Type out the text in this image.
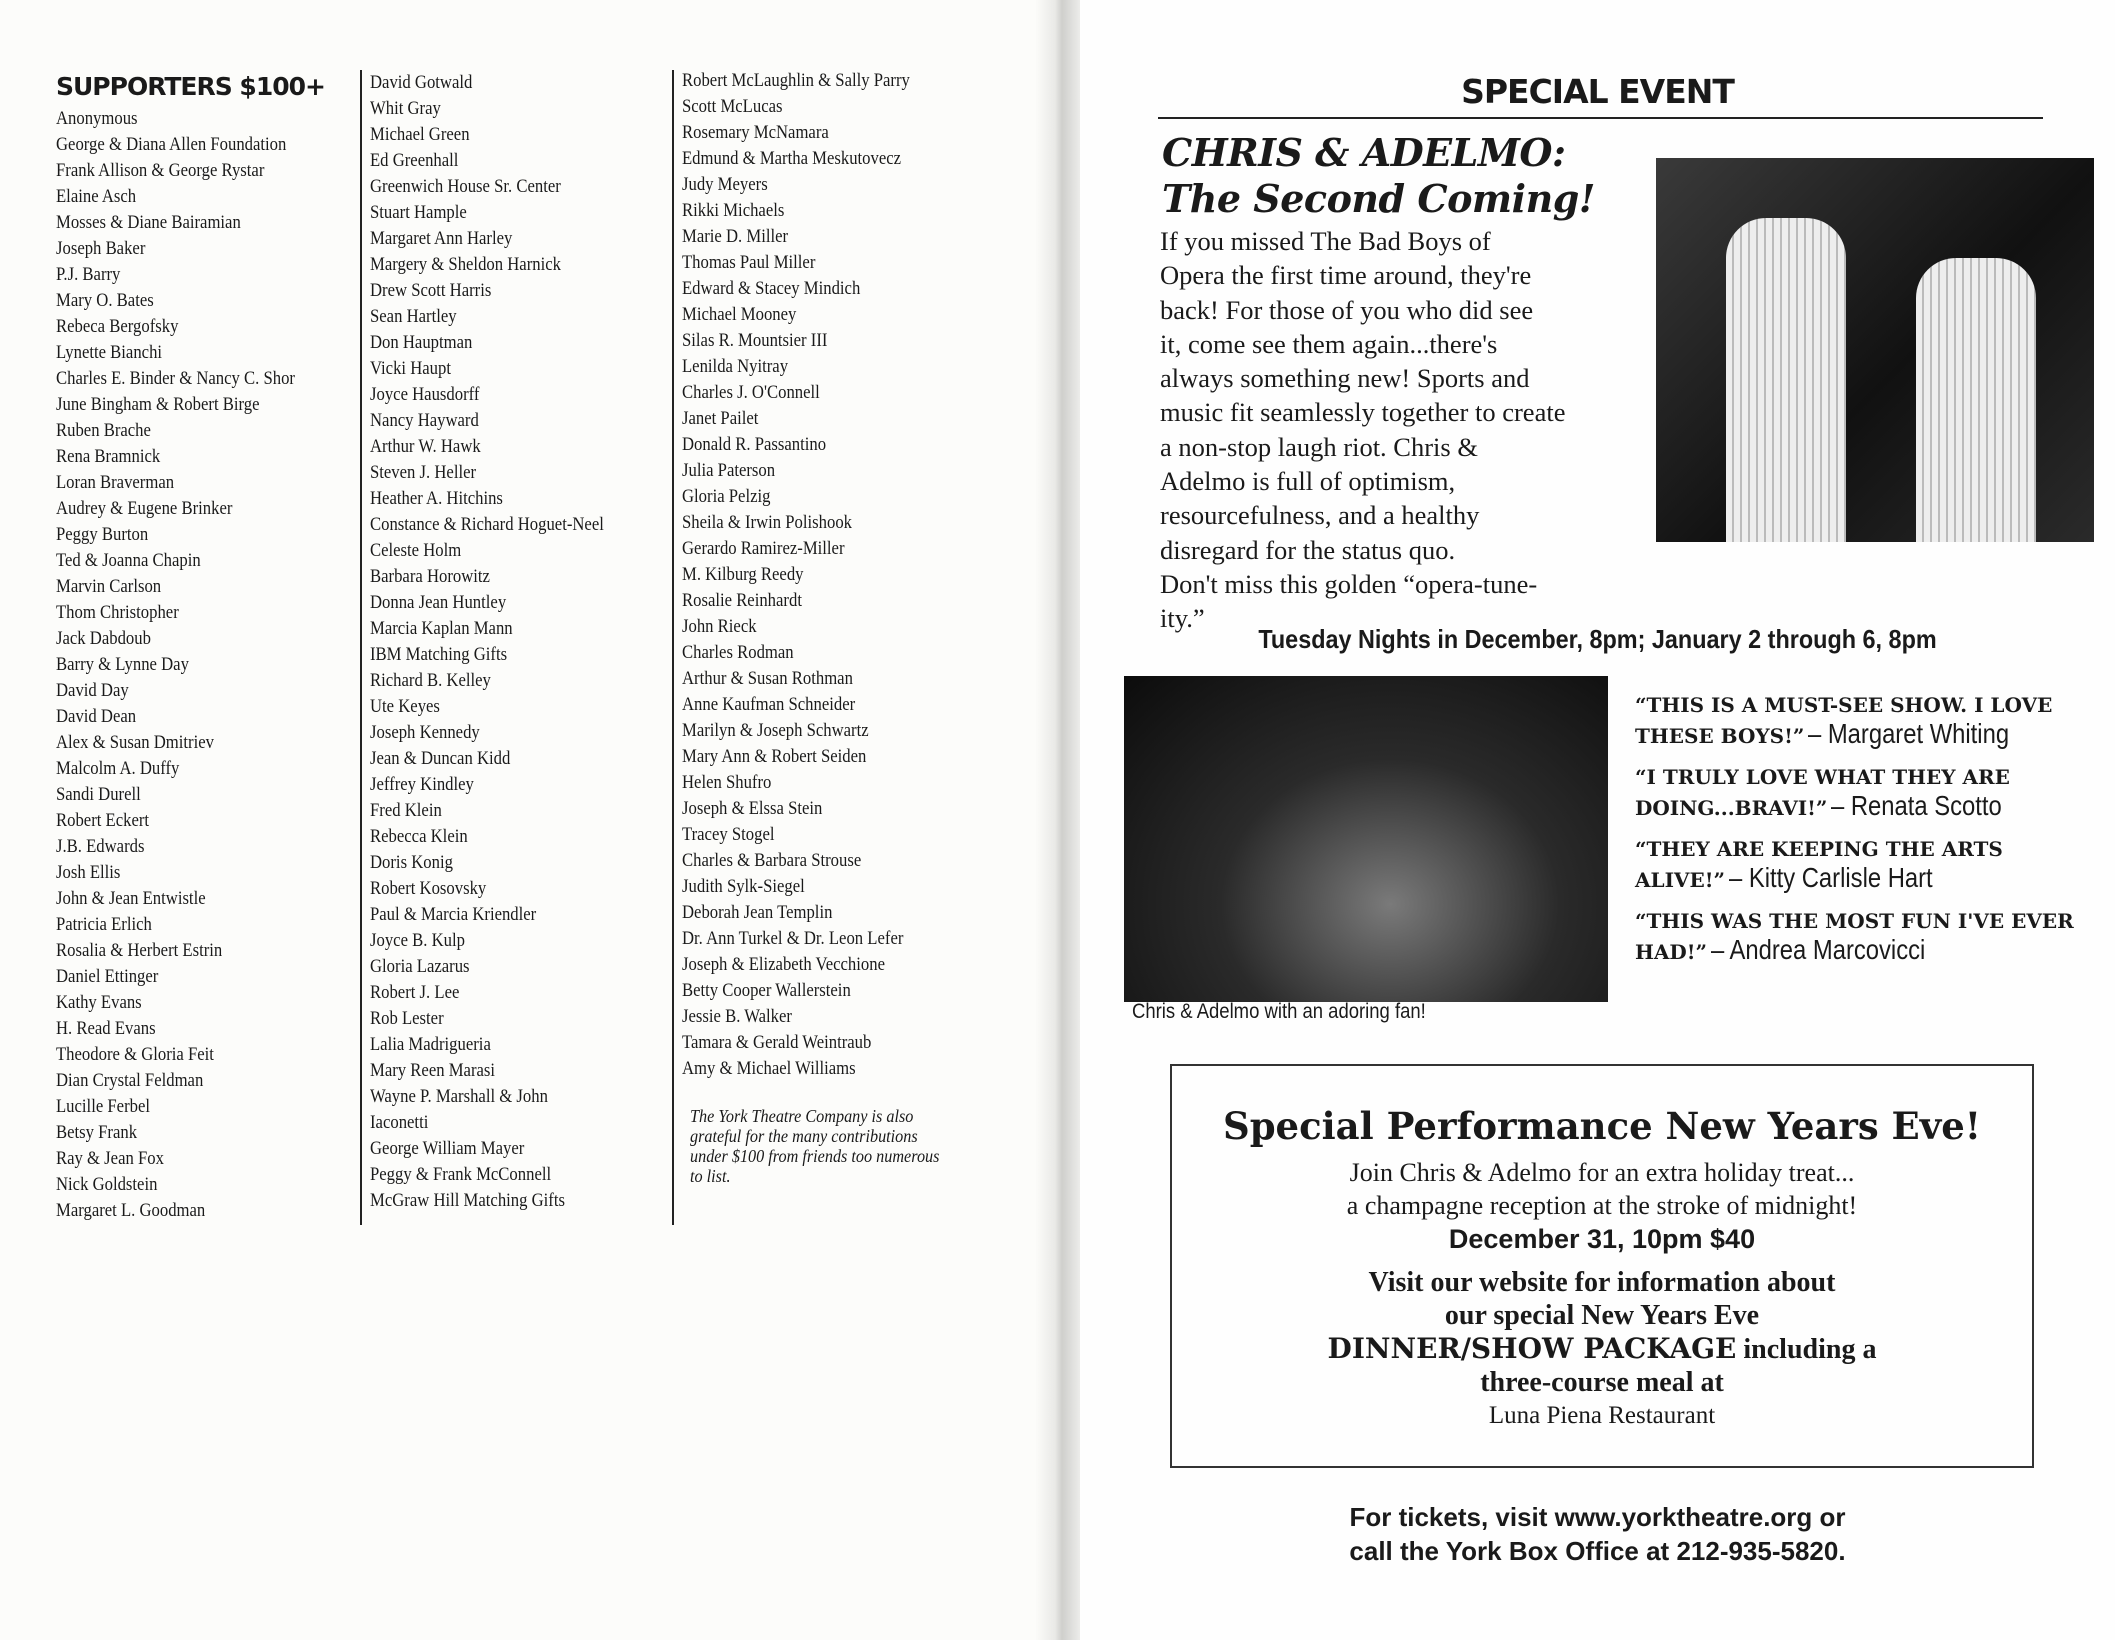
SUPPORTERS $100+
Anonymous
George & Diana Allen Foundation
Frank Allison & George Rystar
Elaine Asch
Mosses & Diane Bairamian
Joseph Baker
P.J. Barry
Mary O. Bates
Rebeca Bergofsky
Lynette Bianchi
Charles E. Binder & Nancy C. Shor
June Bingham & Robert Birge
Ruben Brache
Rena Bramnick
Loran Braverman
Audrey & Eugene Brinker
Peggy Burton
Ted & Joanna Chapin
Marvin Carlson
Thom Christopher
Jack Dabdoub
Barry & Lynne Day
David Day
David Dean
Alex & Susan Dmitriev
Malcolm A. Duffy
Sandi Durell
Robert Eckert
J.B. Edwards
Josh Ellis
John & Jean Entwistle
Patricia Erlich
Rosalia & Herbert Estrin
Daniel Ettinger
Kathy Evans
H. Read Evans
Theodore & Gloria Feit
Dian Crystal Feldman
Lucille Ferbel
Betsy Frank
Ray & Jean Fox
Nick Goldstein
Margaret L. Goodman
David Gotwald
Whit Gray
Michael Green
Ed Greenhall
Greenwich House Sr. Center
Stuart Hample
Margaret Ann Harley
Margery & Sheldon Harnick
Drew Scott Harris
Sean Hartley
Don Hauptman
Vicki Haupt
Joyce Hausdorff
Nancy Hayward
Arthur W. Hawk
Steven J. Heller
Heather A. Hitchins
Constance & Richard Hoguet-Neel
Celeste Holm
Barbara Horowitz
Donna Jean Huntley
Marcia Kaplan Mann
IBM Matching Gifts
Richard B. Kelley
Ute Keyes
Joseph Kennedy
Jean & Duncan Kidd
Jeffrey Kindley
Fred Klein
Rebecca Klein
Doris Konig
Robert Kosovsky
Paul & Marcia Kriendler
Joyce B. Kulp
Gloria Lazarus
Robert J. Lee
Rob Lester
Lalia Madrigueria
Mary Reen Marasi
Wayne P. Marshall & John
Iaconetti
George William Mayer
Peggy & Frank McConnell
McGraw Hill Matching Gifts
Robert McLaughlin & Sally Parry
Scott McLucas
Rosemary McNamara
Edmund & Martha Meskutovecz
Judy Meyers
Rikki Michaels
Marie D. Miller
Thomas Paul Miller
Edward & Stacey Mindich
Michael Mooney
Silas R. Mountsier III
Lenilda Nyitray
Charles J. O'Connell
Janet Pailet
Donald R. Passantino
Julia Paterson
Gloria Pelzig
Sheila & Irwin Polishook
Gerardo Ramirez-Miller
M. Kilburg Reedy
Rosalie Reinhardt
John Rieck
Charles Rodman
Arthur & Susan Rothman
Anne Kaufman Schneider
Marilyn & Joseph Schwartz
Mary Ann & Robert Seiden
Helen Shufro
Joseph & Elssa Stein
Tracey Stogel
Charles & Barbara Strouse
Judith Sylk-Siegel
Deborah Jean Templin
Dr. Ann Turkel & Dr. Leon Lefer
Joseph & Elizabeth Vecchione
Betty Cooper Wallerstein
Jessie B. Walker
Tamara & Gerald Weintraub
Amy & Michael Williams
The York Theatre Company is also grateful for the many contributions under $100 from friends too numerous to list.
SPECIAL EVENT
CHRIS & ADELMO:
The Second Coming!
If you missed The Bad Boys of
Opera the first time around, they're
back! For those of you who did see
it, come see them again...there's
always something new! Sports and
music fit seamlessly together to create
a non-stop laugh riot. Chris &
Adelmo is full of optimism,
resourcefulness, and a healthy
disregard for the status quo.
Don't miss this golden “opera-tune-ity.”
Tuesday Nights in December, 8pm; January 2 through 6, 8pm
Chris & Adelmo with an adoring fan!
“THIS IS A MUST-SEE SHOW. I LOVE THESE BOYS!” – Margaret Whiting
“I TRULY LOVE WHAT THEY ARE DOING...BRAVI!” – Renata Scotto
“THEY ARE KEEPING THE ARTS ALIVE!” – Kitty Carlisle Hart
“THIS WAS THE MOST FUN I'VE EVER HAD!” – Andrea Marcovicci
Special Performance New Years Eve!
Join Chris & Adelmo for an extra holiday treat...
a champagne reception at the stroke of midnight!
December 31, 10pm $40
Visit our website for information about
our special New Years Eve
DINNER/SHOW PACKAGE including a
three-course meal at
Luna Piena Restaurant
For tickets, visit www.yorktheatre.org or
call the York Box Office at 212-935-5820.
